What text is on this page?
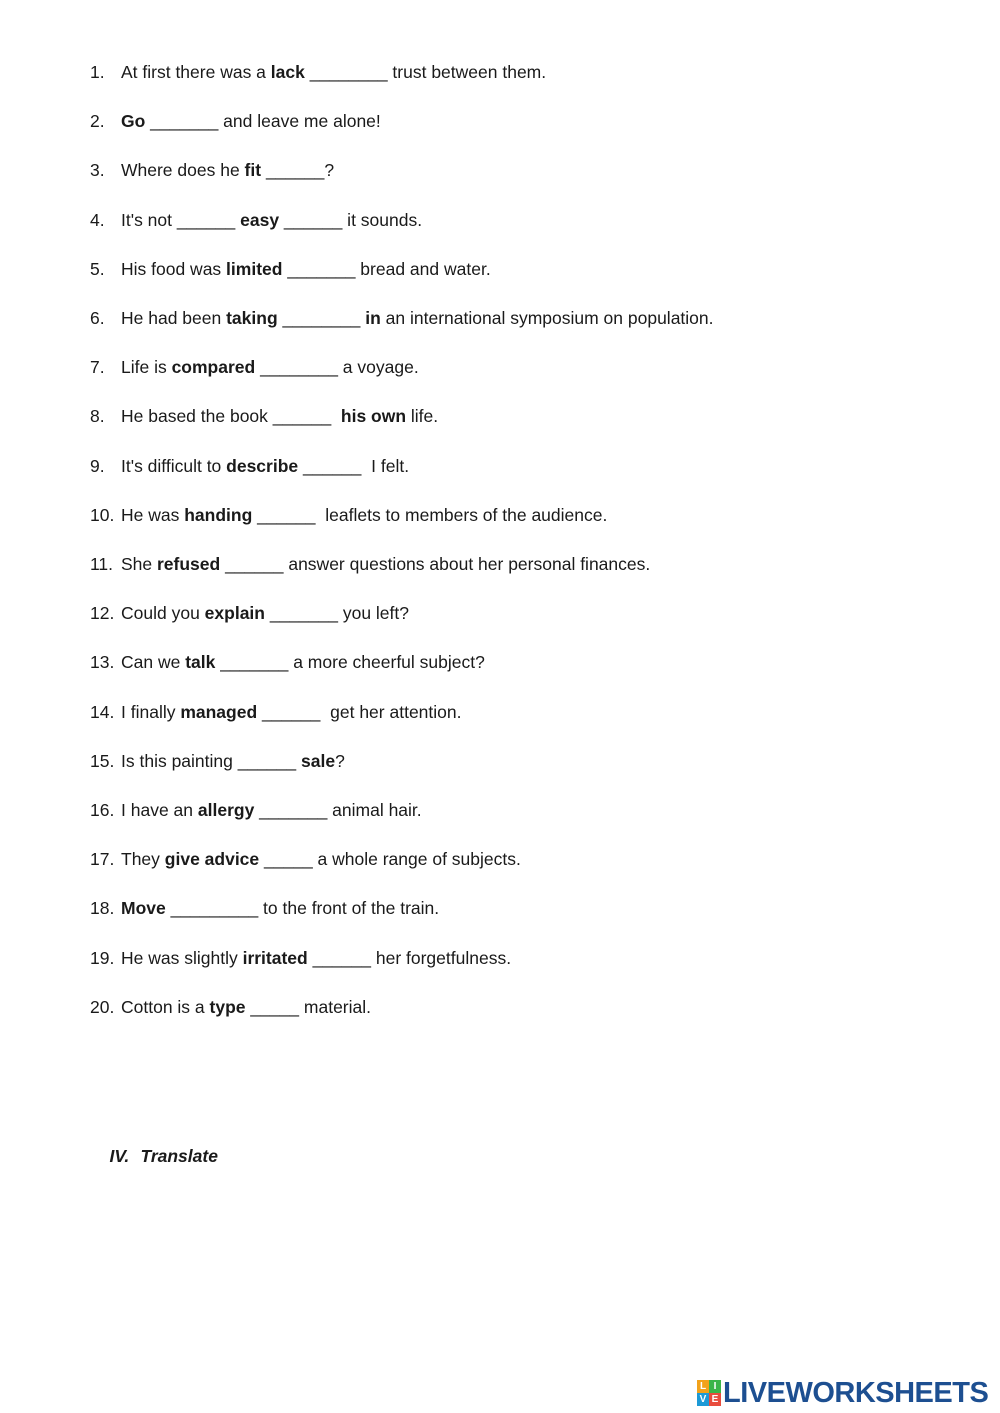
1. At first there was a lack ________ trust between them.
2. Go _______ and leave me alone!
3. Where does he fit ______?
4. It's not ______ easy ______ it sounds.
5. His food was limited _______ bread and water.
6. He had been taking ________ in an international symposium on population.
7. Life is compared ________ a voyage.
8. He based the book ______  his own life.
9. It's difficult to describe ______  I felt.
10. He was handing ______  leaflets to members of the audience.
11. She refused ______ answer questions about her personal finances.
12. Could you explain _______ you left?
13. Can we talk _______ a more cheerful subject?
14. I finally managed ______  get her attention.
15. Is this painting ______ sale?
16. I have an allergy _______ animal hair.
17. They give advice _____ a whole range of subjects.
18. Move _________ to the front of the train.
19. He was slightly irritated ______ her forgetfulness.
20. Cotton is a type _____ material.

IV. Translate

L I
V E LIVEWORKSHEETS
